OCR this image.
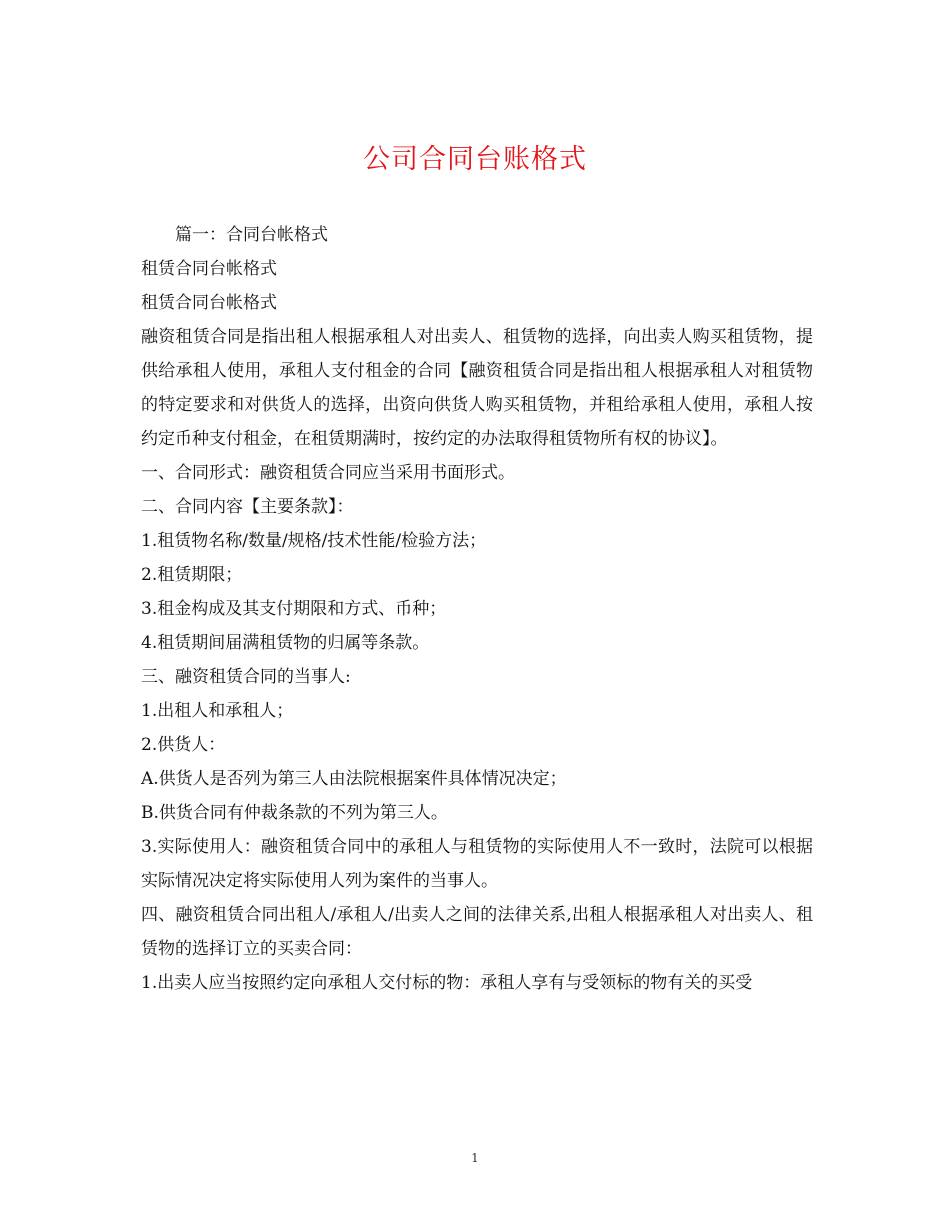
公司合同台账格式

篇一：合同台帐格式

租赁合同台帐格式

租赁合同台帐格式

融资租赁合同是指出租人根据承租人对出卖人、租赁物的选择，向出卖人购买租赁物，提供给承租人使用，承租人支付租金的合同【融资租赁合同是指出租人根据承租人对租赁物的特定要求和对供货人的选择，出资向供货人购买租赁物，并租给承租人使用，承租人按约定币种支付租金，在租赁期满时，按约定的办法取得租赁物所有权的协议】。

一、合同形式：融资租赁合同应当采用书面形式。

二、合同内容【主要条款】：

1.租赁物名称/数量/规格/技术性能/检验方法；

2.租赁期限；

3.租金构成及其支付期限和方式、币种；

4.租赁期间届满租赁物的归属等条款。

三、融资租赁合同的当事人:

1.出租人和承租人；

2.供货人：

A.供货人是否列为第三人由法院根据案件具体情况决定；

B.供货合同有仲裁条款的不列为第三人。

3.实际使用人：融资租赁合同中的承租人与租赁物的实际使用人不一致时，法院可以根据实际情况决定将实际使用人列为案件的当事人。

四、融资租赁合同出租人/承租人/出卖人之间的法律关系,出租人根据承租人对出卖人、租赁物的选择订立的买卖合同：

1.出卖人应当按照约定向承租人交付标的物：承租人享有与受领标的物有关的买受

1
